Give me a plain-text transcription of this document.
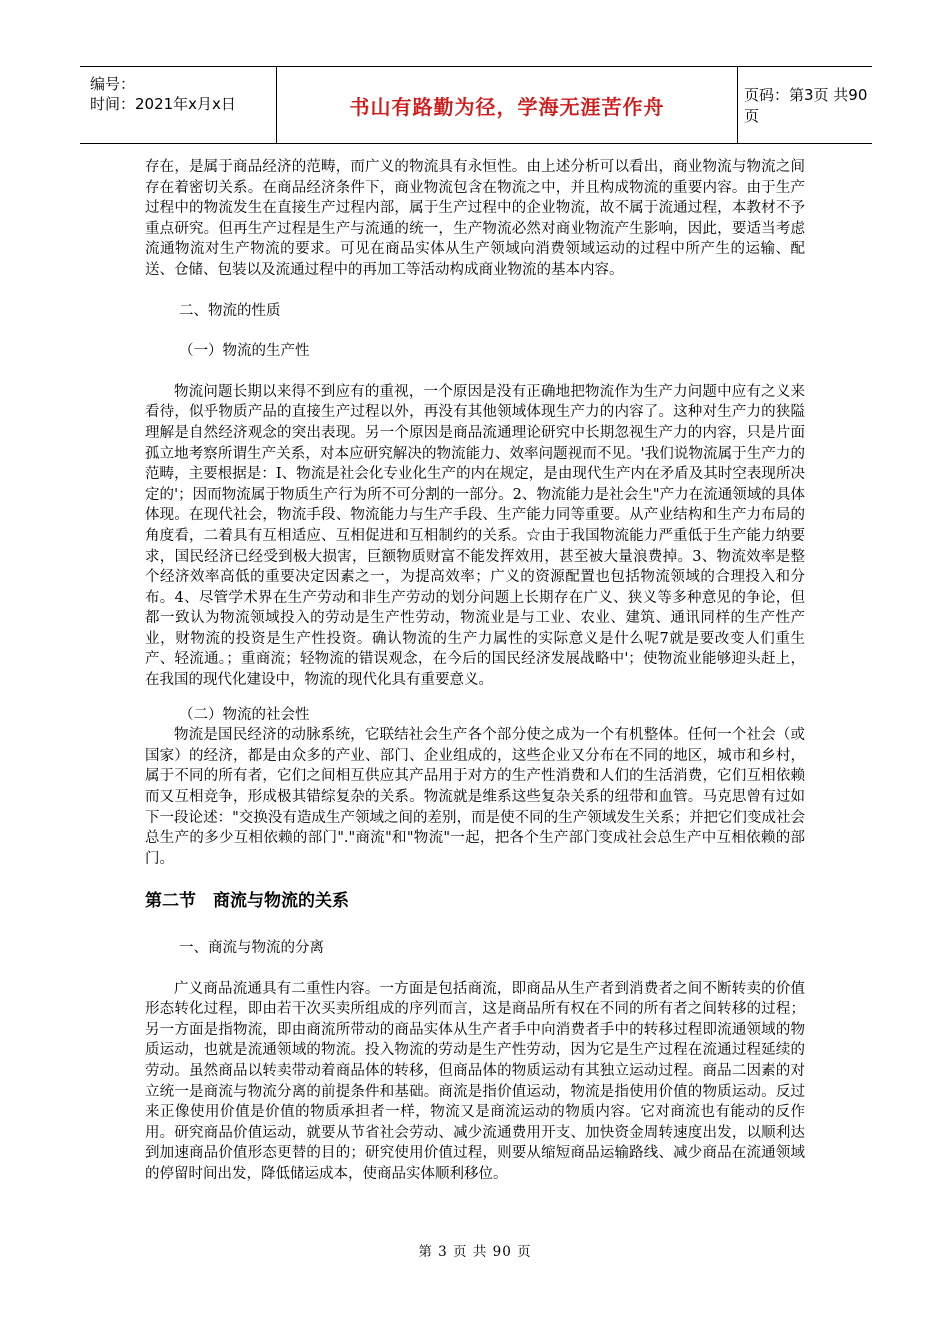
编号：
时间：2021年x月x日	书山有路勤为径，学海无涯苦作舟	页码：第3页 共90页

存在，是属于商品经济的范畴，而广义的物流具有永恒性。由上述分析可以看出，商业物流与物流之间存在着密切关系。在商品经济条件下，商业物流包含在物流之中，并且构成物流的重要内容。由于生产过程中的物流发生在直接生产过程内部，属于生产过程中的企业物流，故不属于流通过程，本教材不予重点研究。但再生产过程是生产与流通的统一，生产物流必然对商业物流产生影响，因此，要适当考虑流通物流对生产物流的要求。可见在商品实体从生产领域向消费领域运动的过程中所产生的运输、配送、仓储、包装以及流通过程中的再加工等活动构成商业物流的基本内容。

二、物流的性质

（一）物流的生产性

物流问题长期以来得不到应有的重视，一个原因是没有正确地把物流作为生产力问题中应有之义来看待，似乎物质产品的直接生产过程以外，再没有其他领域体现生产力的内容了。这种对生产力的狭隘理解是自然经济观念的突出表现。另一个原因是商品流通理论研究中长期忽视生产力的内容，只是片面孤立地考察所谓生产关系，对本应研究解决的物流能力、效率问题视而不见。'我们说物流属于生产力的范畴，主要根据是：I、物流是社会化专业化生产的内在规定，是由现代生产内在矛盾及其时空表现所决定的'；因而物流属于物质生产行为所不可分割的一部分。2、物流能力是社会生"产力在流通领域的具体体现。在现代社会，物流手段、物流能力与生产手段、生产能力同等重要。从产业结构和生产力布局的角度看，二着具有互相适应、互相促进和互相制约的关系。☆由于我国物流能力严重低于生产能力纳要求，国民经济已经受到极大损害，巨额物质财富不能发挥效用，甚至被大量浪费掉。3、物流效率是整个经济效率高低的重要决定因素之一，为提高效率；广义的资源配置也包括物流领域的合理投入和分布。4、尽管学术界在生产劳动和非生产劳动的划分问题上长期存在广义、狭义等多种意见的争论，但都一致认为物流领域投入的劳动是生产性劳动，物流业是与工业、农业、建筑、通讯同样的生产性产业，财物流的投资是生产性投资。确认物流的生产力属性的实际意义是什么呢7就是要改变人们重生产、轻流通。；重商流；轻物流的错误观念，在今后的国民经济发展战略中'；使物流业能够迎头赶上，在我国的现代化建设中，物流的现代化具有重要意义。

（二）物流的社会性

物流是国民经济的动脉系统，它联结社会生产各个部分使之成为一个有机整体。任何一个社会（或国家）的经济，都是由众多的产业、部门、企业组成的，这些企业又分布在不同的地区，城市和乡村，属于不同的所有者，它们之间相互供应其产品用于对方的生产性消费和人们的生活消费，它们互相依赖而又互相竞争，形成极其错综复杂的关系。物流就是维系这些复杂关系的纽带和血管。马克思曾有过如下一段论述："交换没有造成生产领域之间的差别，而是使不同的生产领域发生关系；并把它们变成社会总生产的多少互相依赖的部门"."商流"和"物流"一起，把各个生产部门变成社会总生产中互相依赖的部门。

第二节　商流与物流的关系

一、商流与物流的分离

广义商品流通具有二重性内容。一方面是包括商流，即商品从生产者到消费者之间不断转卖的价值形态转化过程，即由若干次买卖所组成的序列而言，这是商品所有权在不同的所有者之间转移的过程；另一方面是指物流，即由商流所带动的商品实体从生产者手中向消费者手中的转移过程即流通领域的物质运动，也就是流通领域的物流。投入物流的劳动是生产性劳动，因为它是生产过程在流通过程延续的劳动。虽然商品以转卖带动着商品体的转移，但商品体的物质运动有其独立运动过程。商品二因素的对立统一是商流与物流分离的前提条件和基础。商流是指价值运动，物流是指使用价值的物质运动。反过来正像使用价值是价值的物质承担者一样，物流又是商流运动的物质内容。它对商流也有能动的反作用。研究商品价值运动，就要从节省社会劳动、减少流通费用开支、加快资金周转速度出发，以顺利达到加速商品价值形态更替的目的；研究使用价值过程，则要从缩短商品运输路线、减少商品在流通领域的停留时间出发，降低储运成本，使商品实体顺利移位。

第 3 页 共 90 页
